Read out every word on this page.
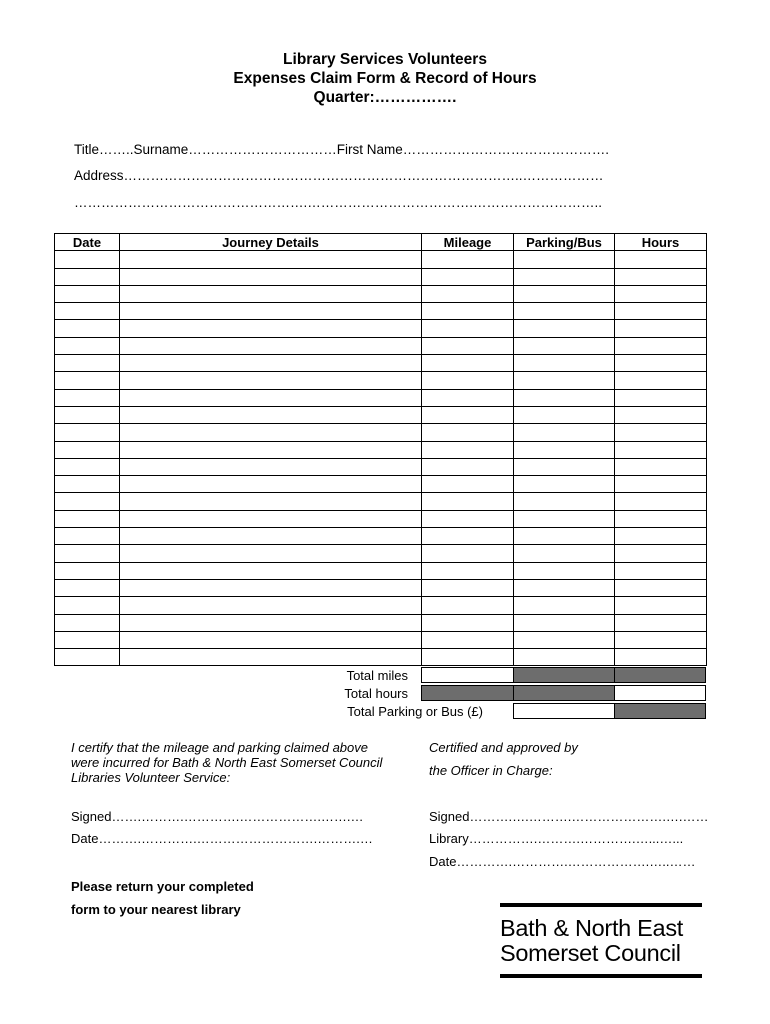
Library Services Volunteers
Expenses Claim Form & Record of Hours
Quarter:…………….
Title……..Surname……………………………First Name……………………………………….
Address……………………………………………………………………………..………………
…………………………………………….……………………………….………………………..
Date	Journey Details	Mileage	Parking/Bus	Hours

Total miles
Total hours
Total Parking or Bus (£)
I certify that the mileage and parking claimed above were incurred for Bath & North East Somerset Council Libraries Volunteer Service:
Certified and approved by
the Officer in Charge:
Signed…….……….………….……………….…….…
Date……….………….……………………….……….…
Signed……….….……….………………….….……
Library…………….……….………….…...…...
Date………….………….……………….…..……
Please return your completed
form to your nearest library
Bath & North East
Somerset Council
